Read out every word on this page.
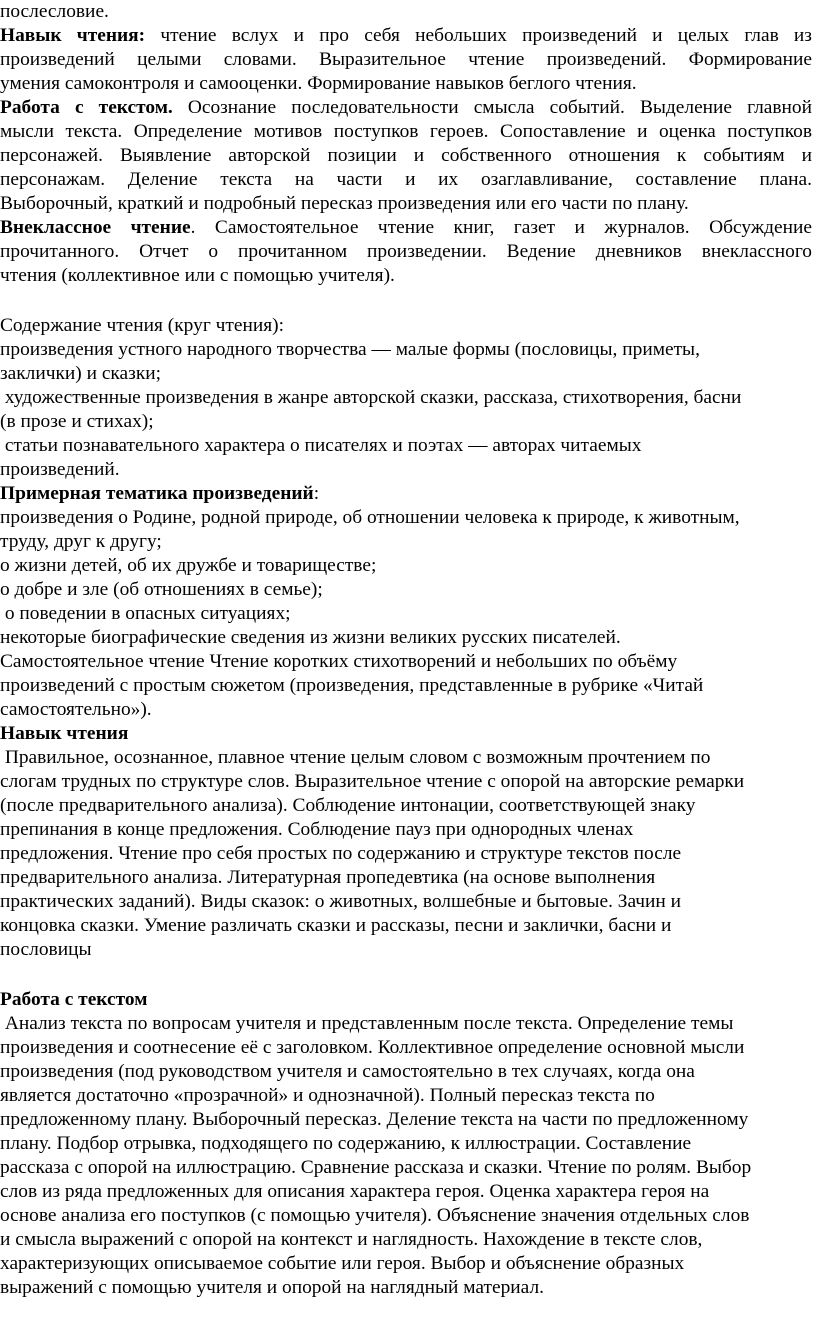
послесловие.
Навык чтения: чтение вслух и про себя небольших произведений и целых глав из
произведений целыми словами. Выразительное чтение произведений. Формирование
умения самоконтроля и самооценки. Формирование навыков беглого чтения.
Работа с текстом. Осознание последовательности смысла событий. Выделение главной
мысли текста. Определение мотивов поступков героев. Сопоставление и оценка поступков
персонажей. Выявление авторской позиции и собственного отношения к событиям и
персонажам. Деление текста на части и их озаглавливание, составление плана.
Выборочный, краткий и подробный пересказ произведения или его части по плану.
Внеклассное чтение. Самостоятельное чтение книг, газет и журналов. Обсуждение
прочитанного. Отчет о прочитанном произведении. Ведение дневников внеклассного
чтения (коллективное или с помощью учителя).
Содержание чтения (круг чтения):
произведения устного народного творчества — малые формы (пословицы, приметы,
заклички) и сказки;
художественные произведения в жанре авторской сказки, рассказа, стихотворения, басни
(в прозе и стихах);
статьи познавательного характера о писателях и поэтах — авторах читаемых
произведений.
Примерная тематика произведений:
произведения о Родине, родной природе, об отношении человека к природе, к животным,
труду, друг к другу;
о жизни детей, об их дружбе и товариществе;
о добре и зле (об отношениях в семье);
о поведении в опасных ситуациях;
некоторые биографические сведения из жизни великих русских писателей.
Самостоятельное чтение Чтение коротких стихотворений и небольших по объёму
произведений с простым сюжетом (произведения, представленные в рубрике «Читай
самостоятельно»).
Навык чтения
Правильное, осознанное, плавное чтение целым словом с возможным прочтением по
слогам трудных по структуре слов. Выразительное чтение с опорой на авторские ремарки
(после предварительного анализа). Соблюдение интонации, соответствующей знаку
препинания в конце предложения. Соблюдение пауз при однородных членах
предложения. Чтение про себя простых по содержанию и структуре текстов после
предварительного анализа. Литературная пропедевтика (на основе выполнения
практических заданий). Виды сказок: о животных, волшебные и бытовые. Зачин и
концовка сказки. Умение различать сказки и рассказы, песни и заклички, басни и
пословицы
Работа с текстом
Анализ текста по вопросам учителя и представленным после текста. Определение темы
произведения и соотнесение её с заголовком. Коллективное определение основной мысли
произведения (под руководством учителя и самостоятельно в тех случаях, когда она
является достаточно «прозрачной» и однозначной). Полный пересказ текста по
предложенному плану. Выборочный пересказ. Деление текста на части по предложенному
плану. Подбор отрывка, подходящего по содержанию, к иллюстрации. Составление
рассказа с опорой на иллюстрацию. Сравнение рассказа и сказки. Чтение по ролям. Выбор
слов из ряда предложенных для описания характера героя. Оценка характера героя на
основе анализа его поступков (с помощью учителя). Объяснение значения отдельных слов
и смысла выражений с опорой на контекст и наглядность. Нахождение в тексте слов,
характеризующих описываемое событие или героя. Выбор и объяснение образных
выражений с помощью учителя и опорой на наглядный материал.
